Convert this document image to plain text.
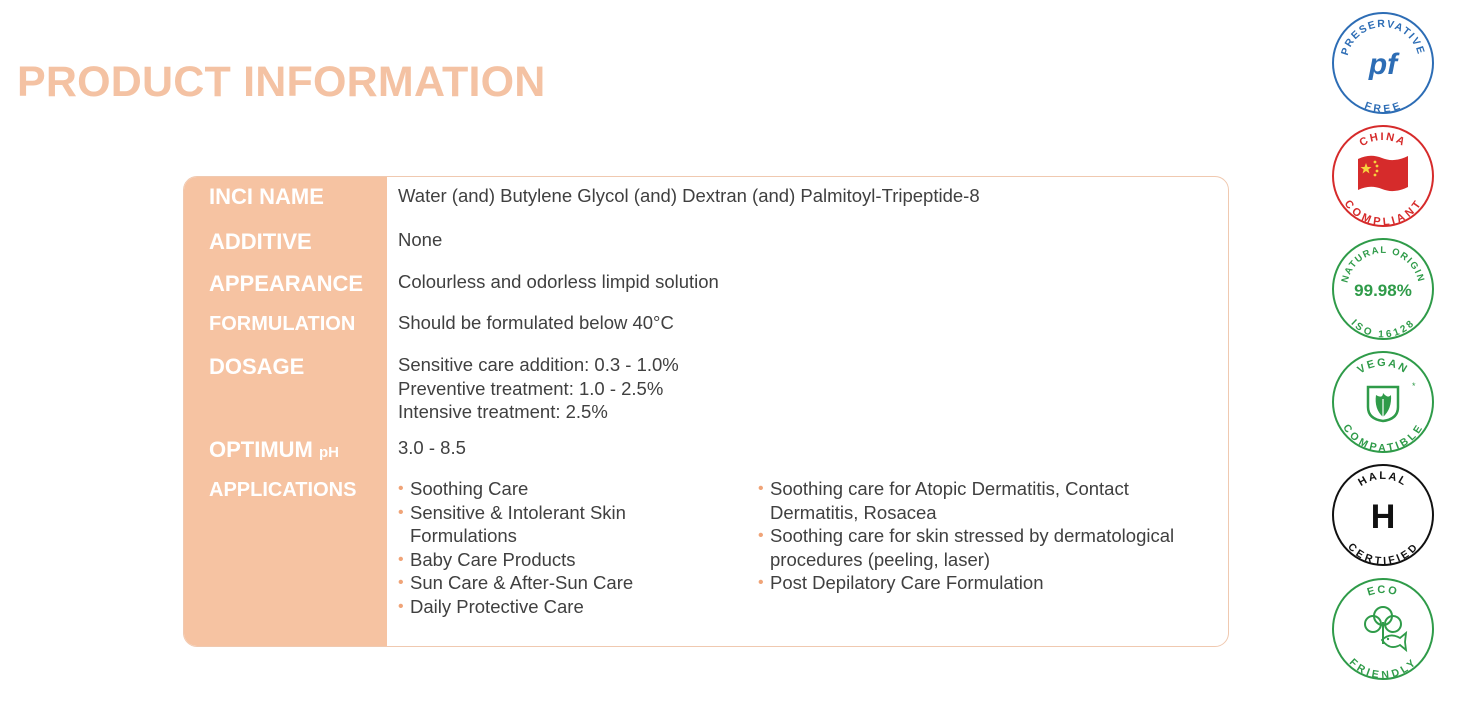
PRODUCT INFORMATION
INCI NAME	Water (and) Butylene Glycol (and) Dextran (and) Palmitoyl-Tripeptide-8
ADDITIVE	None
APPEARANCE Colourless and odorless limpid solution
FORMULATION Should be formulated below 40°C
DOSAGE	Sensitive care addition: 0.3 - 1.0%
Preventive treatment: 1.0 - 2.5%
Intensive treatment: 2.5%
OPTIMUM pH	3.0 - 8.5
APPLICATIONS	• Soothing Care
• Sensitive & Intolerant Skin
Formulations
• Baby Care Products
• Sun Care & After-Sun Care
• Daily Protective Care
• Soothing care for Atopic Dermatitis, Contact
Dermatitis, Rosacea
• Soothing care for skin stressed by dermatological
procedures (peeling, laser)
• Post Depilatory Care Formulation
PRESERVATIVE
pf
FREE
CHINA
COMPLIANT
NATURAL ORIGIN
99.98%
ISO 16128
VEGAN
*
COMPATIBLE
HALAL
H
CERTIFIED
ECO
FRIENDLY
